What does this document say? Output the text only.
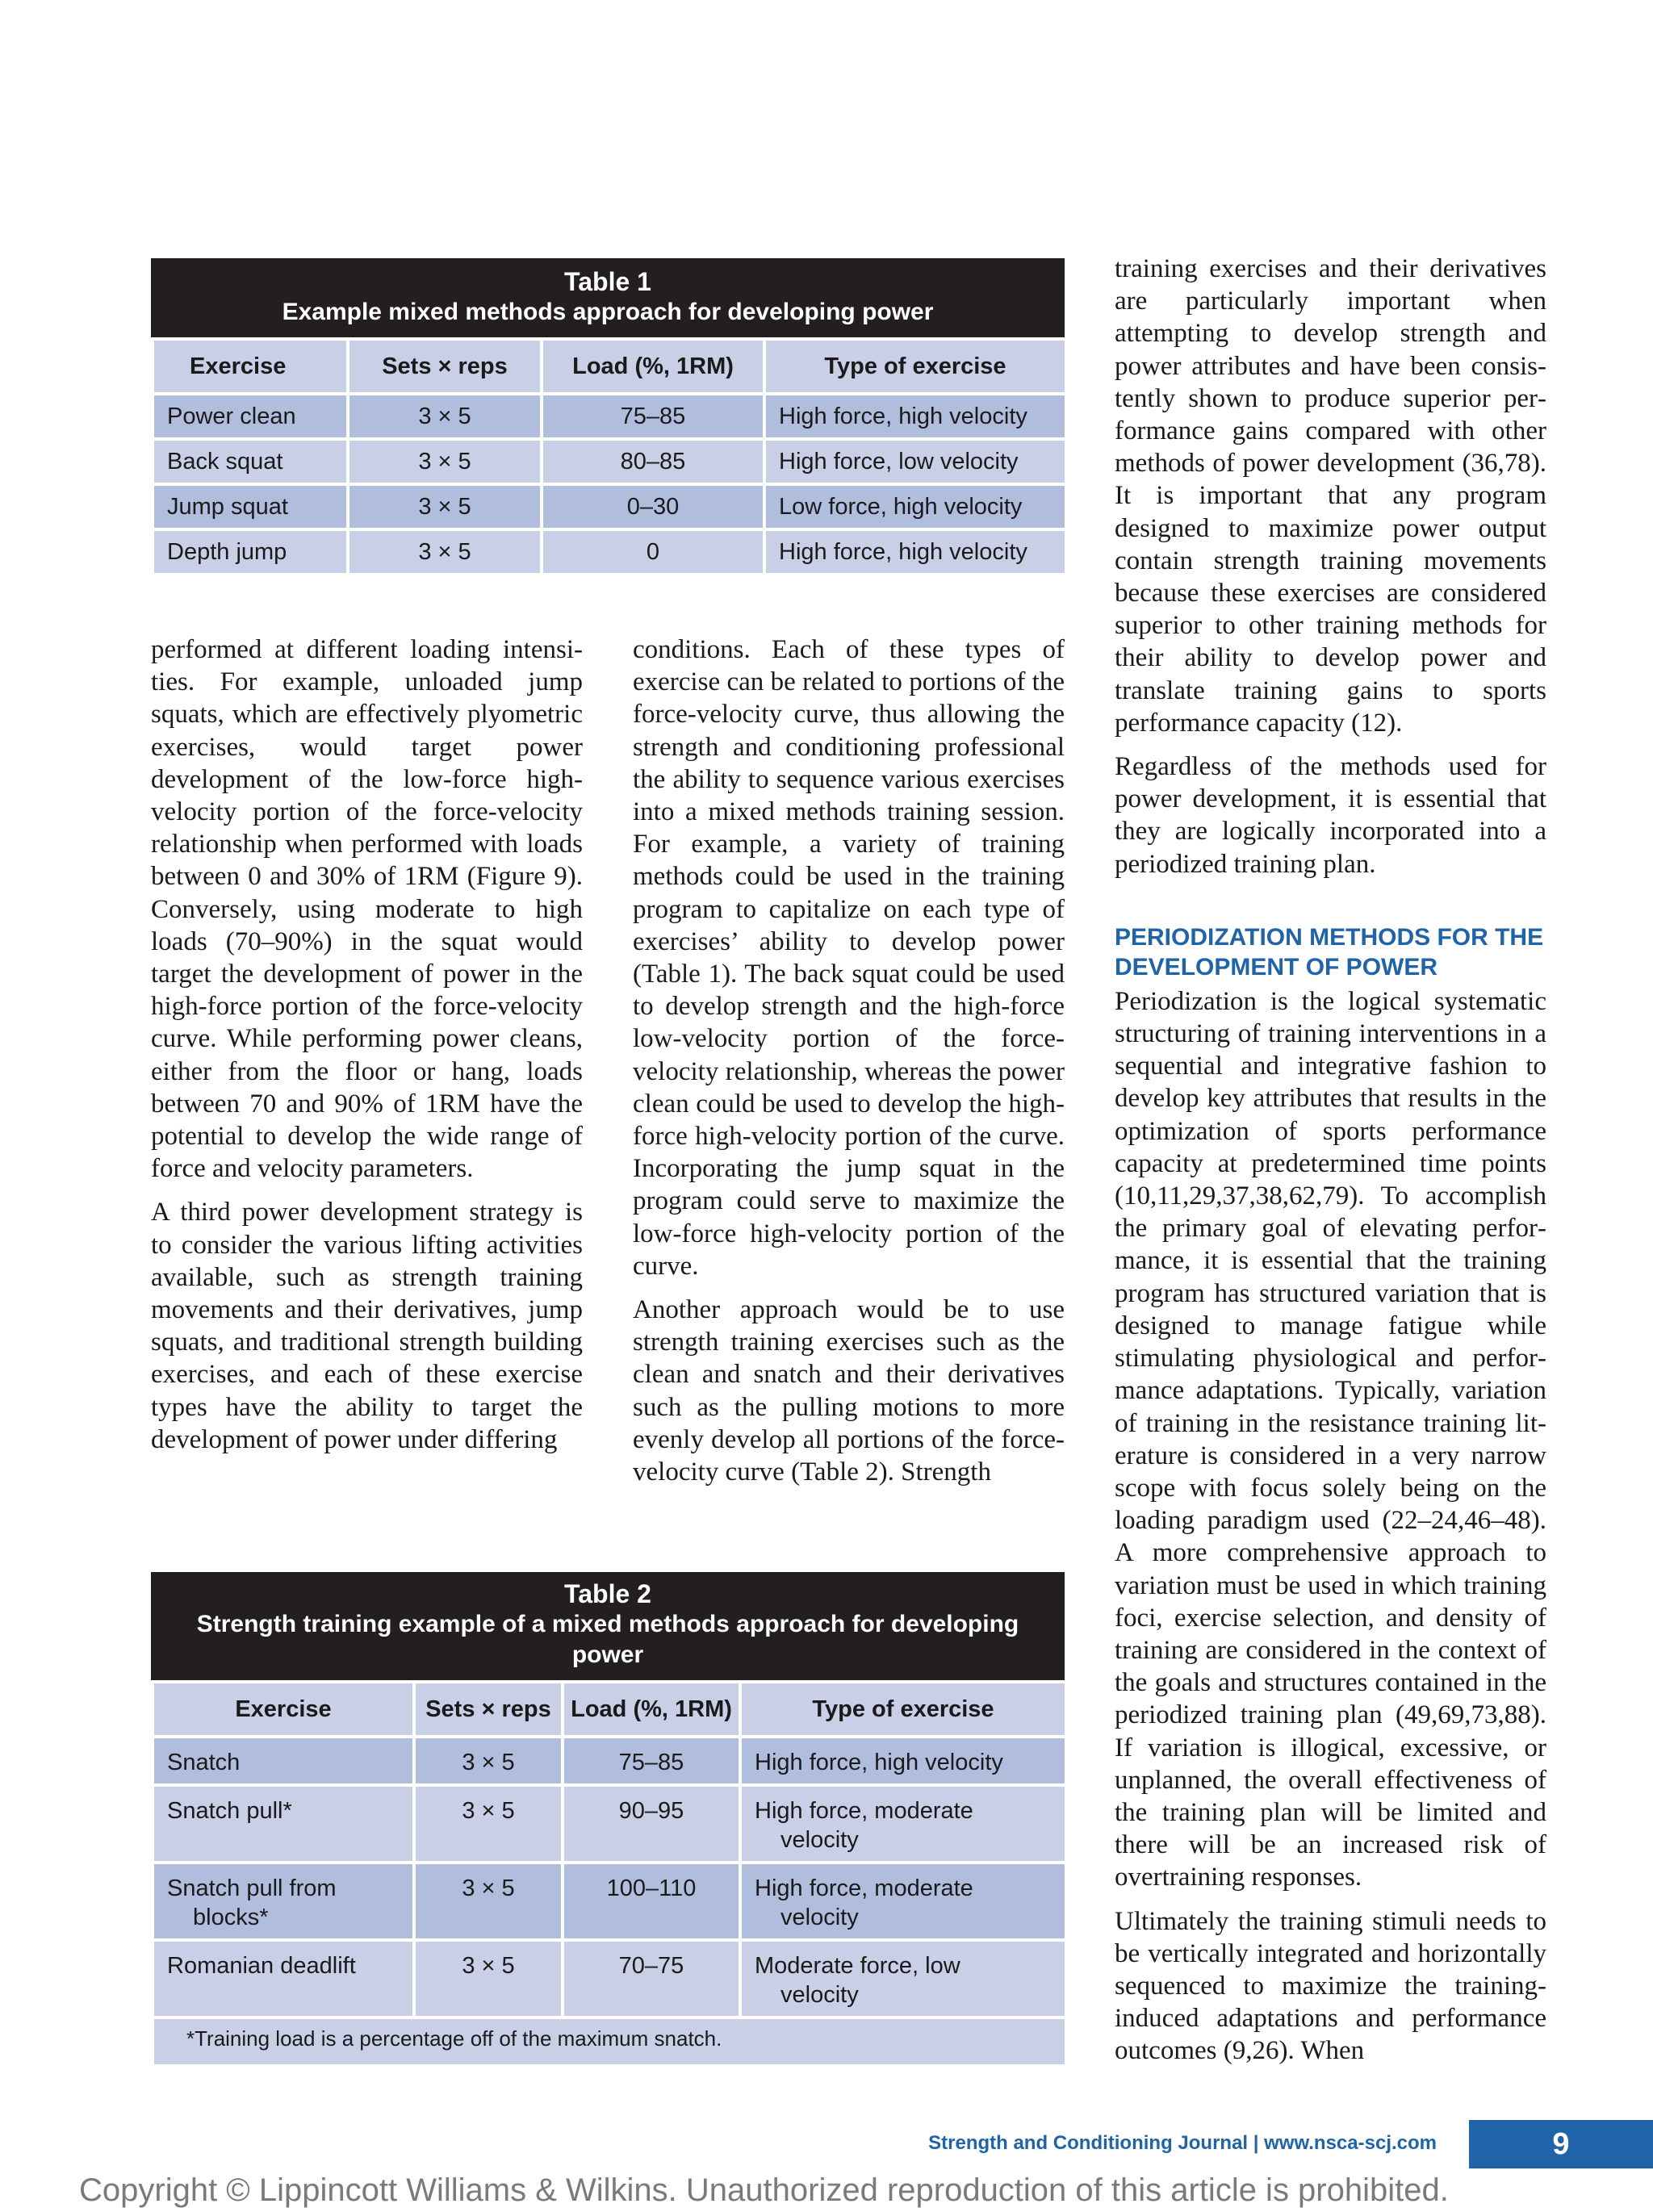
Table 1
Example mixed methods approach for developing power
Exercise	Sets × reps	Load (%, 1RM)	Type of exercise
Power clean	3 × 5	75–85	High force, high velocity
Back squat	3 × 5	80–85	High force, low velocity
Jump squat	3 × 5	0–30	Low force, high velocity
Depth jump	3 × 5	0	High force, high velocity

performed at different loading intensities. For example, unloaded jump squats, which are effectively plyometric exercises, would target power development of the low-force high-velocity portion of the force-velocity relationship when performed with loads between 0 and 30% of 1RM (Figure 9). Conversely, using moderate to high loads (70–90%) in the squat would target the development of power in the high-force portion of the force-velocity curve. While performing power cleans, either from the floor or hang, loads between 70 and 90% of 1RM have the potential to develop the wide range of force and velocity parameters.

A third power development strategy is to consider the various lifting activities available, such as strength training movements and their derivatives, jump squats, and traditional strength building exercises, and each of these exercise types have the ability to target the development of power under differing

conditions. Each of these types of exercise can be related to portions of the force-velocity curve, thus allowing the strength and conditioning professional the ability to sequence various exercises into a mixed methods training session. For example, a variety of training methods could be used in the training program to capitalize on each type of exercises’ ability to develop power (Table 1). The back squat could be used to develop strength and the high-force low-velocity portion of the force-velocity relationship, whereas the power clean could be used to develop the high-force high-velocity portion of the curve. Incorporating the jump squat in the program could serve to maximize the low-force high-velocity portion of the curve.

Another approach would be to use strength training exercises such as the clean and snatch and their derivatives such as the pulling motions to more evenly develop all portions of the force-velocity curve (Table 2). Strength

training exercises and their derivatives are particularly important when attempting to develop strength and power attributes and have been consistently shown to produce superior performance gains compared with other methods of power development (36,78). It is important that any program designed to maximize power output contain strength training movements because these exercises are considered superior to other training methods for their ability to develop power and translate training gains to sports performance capacity (12).

Regardless of the methods used for power development, it is essential that they are logically incorporated into a periodized training plan.

PERIODIZATION METHODS FOR THE DEVELOPMENT OF POWER

Periodization is the logical systematic structuring of training interventions in a sequential and integrative fashion to develop key attributes that results in the optimization of sports performance capacity at predetermined time points (10,11,29,37,38,62,79). To accomplish the primary goal of elevating performance, it is essential that the training program has structured variation that is designed to manage fatigue while stimulating physiological and performance adaptations. Typically, variation of training in the resistance training literature is considered in a very narrow scope with focus solely being on the loading paradigm used (22–24,46–48). A more comprehensive approach to variation must be used in which training foci, exercise selection, and density of training are considered in the context of the goals and structures contained in the periodized training plan (49,69,73,88). If variation is illogical, excessive, or unplanned, the overall effectiveness of the training plan will be limited and there will be an increased risk of overtraining responses.

Ultimately the training stimuli needs to be vertically integrated and horizontally sequenced to maximize the training-induced adaptations and performance outcomes (9,26). When

Table 2
Strength training example of a mixed methods approach for developing power
Exercise	Sets × reps	Load (%, 1RM)	Type of exercise
Snatch	3 × 5	75–85	High force, high velocity
Snatch pull*	3 × 5	90–95	High force, moderate
velocity

Snatch pull from
blocks*	3 × 5	100–110	High force, moderate
velocity

Romanian deadlift	3 × 5	70–75	Moderate force, low
velocity

*Training load is a percentage off of the maximum snatch.			
Strength and Conditioning Journal | www.nsca-scj.com	9
Copyright © Lippincott Williams & Wilkins. Unauthorized reproduction of this article is prohibited.
